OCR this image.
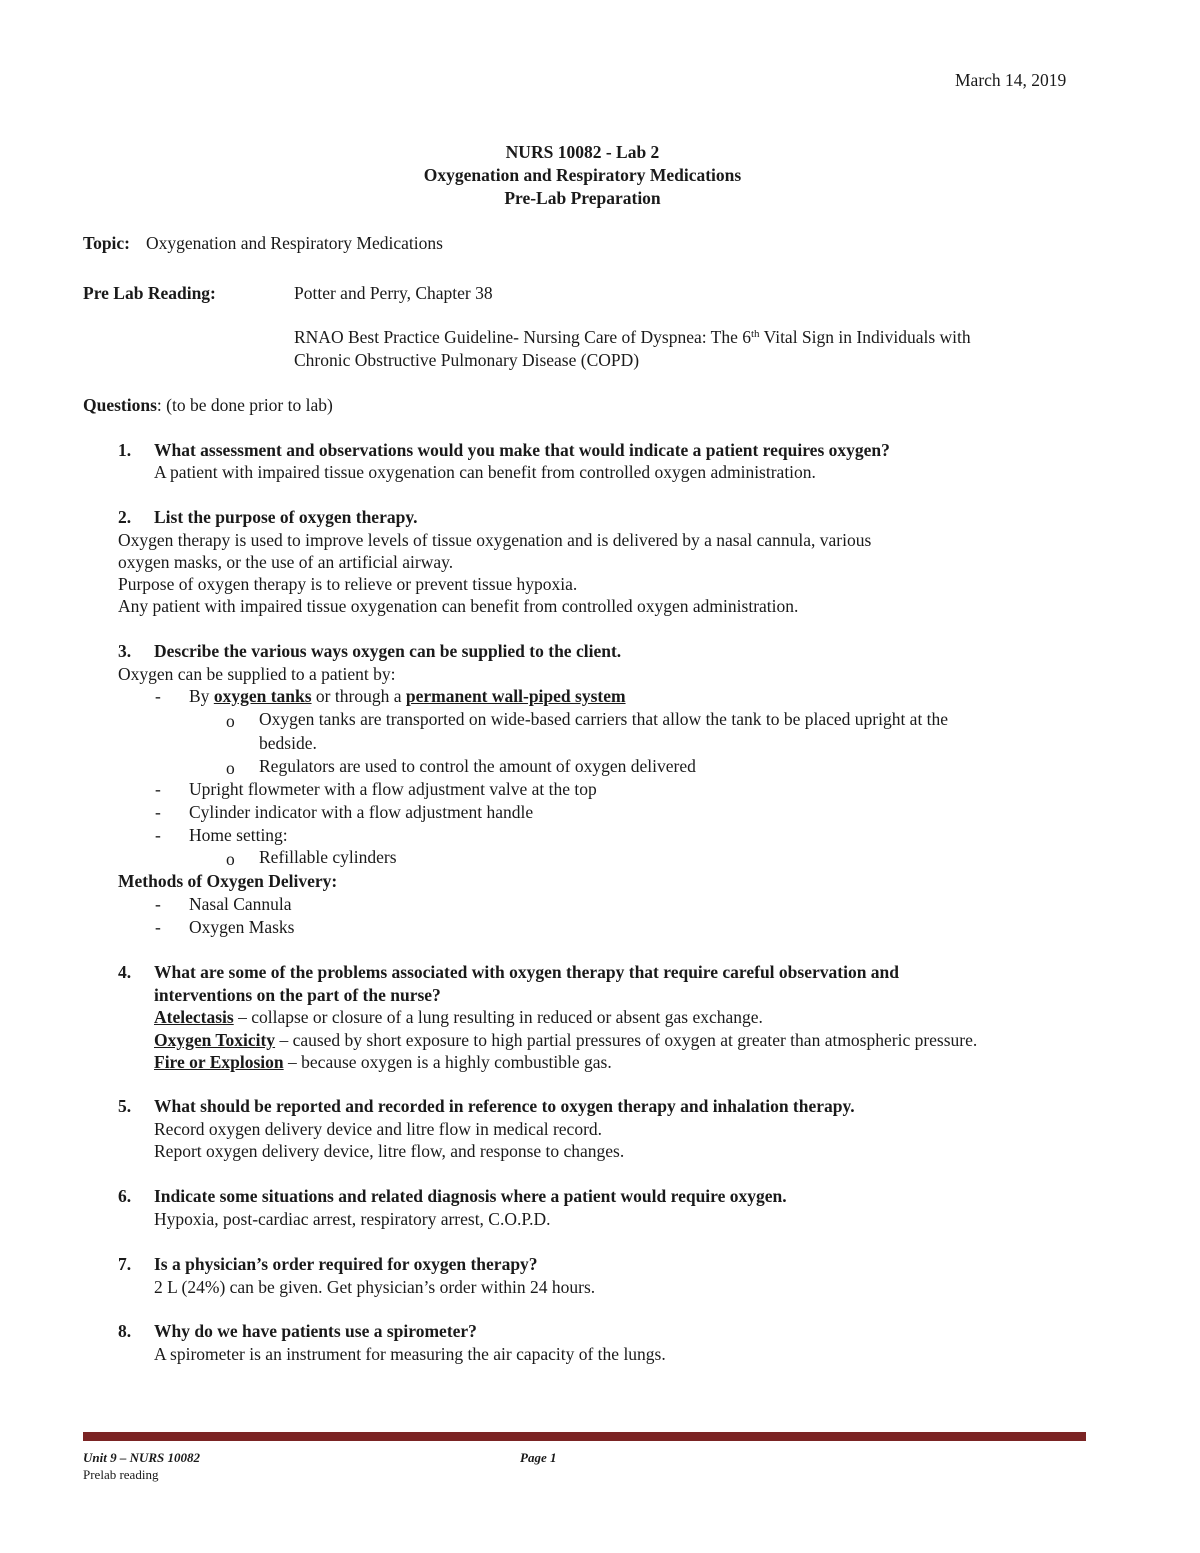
March 14, 2019
NURS 10082 - Lab 2
Oxygenation and Respiratory Medications
Pre-Lab Preparation
Topic: Oxygenation and Respiratory Medications
Pre Lab Reading:	Potter and Perry, Chapter 38
RNAO Best Practice Guideline- Nursing Care of Dyspnea: The 6th Vital Sign in Individuals with
Chronic Obstructive Pulmonary Disease (COPD)
Questions: (to be done prior to lab)
1. What assessment and observations would you make that would indicate a patient requires oxygen?
A patient with impaired tissue oxygenation can benefit from controlled oxygen administration.
2. List the purpose of oxygen therapy.
Oxygen therapy is used to improve levels of tissue oxygenation and is delivered by a nasal cannula, various
oxygen masks, or the use of an artificial airway.
Purpose of oxygen therapy is to relieve or prevent tissue hypoxia.
Any patient with impaired tissue oxygenation can benefit from controlled oxygen administration.
3. Describe the various ways oxygen can be supplied to the client.
Oxygen can be supplied to a patient by:
- By oxygen tanks or through a permanent wall-piped system
o Oxygen tanks are transported on wide-based carriers that allow the tank to be placed upright at the
bedside.
o Regulators are used to control the amount of oxygen delivered
- Upright flowmeter with a flow adjustment valve at the top
- Cylinder indicator with a flow adjustment handle
- Home setting:
o Refillable cylinders
Methods of Oxygen Delivery:
- Nasal Cannula
- Oxygen Masks
4. What are some of the problems associated with oxygen therapy that require careful observation and
interventions on the part of the nurse?
Atelectasis – collapse or closure of a lung resulting in reduced or absent gas exchange.
Oxygen Toxicity – caused by short exposure to high partial pressures of oxygen at greater than atmospheric pressure.
Fire or Explosion – because oxygen is a highly combustible gas.
5. What should be reported and recorded in reference to oxygen therapy and inhalation therapy.
Record oxygen delivery device and litre flow in medical record.
Report oxygen delivery device, litre flow, and response to changes.
6. Indicate some situations and related diagnosis where a patient would require oxygen.
Hypoxia, post-cardiac arrest, respiratory arrest, C.O.P.D.
7. Is a physician’s order required for oxygen therapy?
2 L (24%) can be given. Get physician’s order within 24 hours.
8. Why do we have patients use a spirometer?
A spirometer is an instrument for measuring the air capacity of the lungs.
Unit 9 – NURS 10082	Page 1
Prelab reading
